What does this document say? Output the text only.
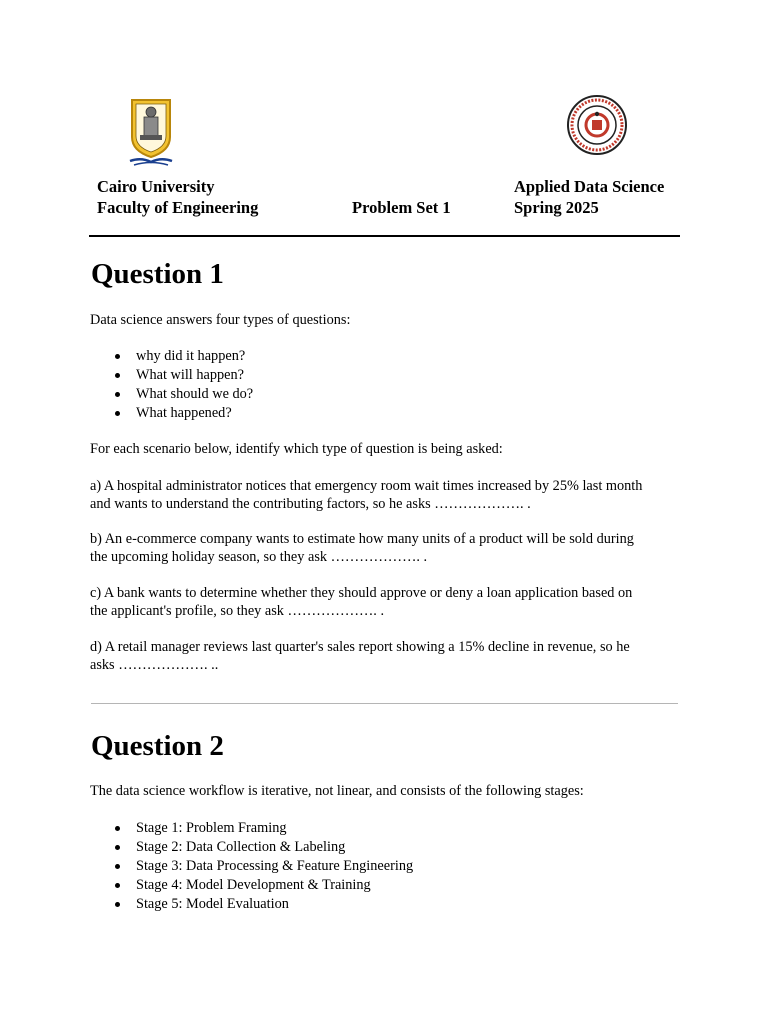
Cairo University
Faculty of Engineering	Problem Set 1
Applied Data Science
Spring 2025
Question 1

Data science answers four types of questions:

why did it happen?
What will happen?
What should we do?
What happened?

For each scenario below, identify which type of question is being asked:

a) A hospital administrator notices that emergency room wait times increased by 25% last month
and wants to understand the contributing factors, so he asks ………………. .

b) An e-commerce company wants to estimate how many units of a product will be sold during
the upcoming holiday season, so they ask ………………. .

c) A bank wants to determine whether they should approve or deny a loan application based on
the applicant's profile, so they ask ………………. .

d) A retail manager reviews last quarter's sales report showing a 15% decline in revenue, so he
asks ………………. ..

Question 2

The data science workflow is iterative, not linear, and consists of the following stages:

Stage 1: Problem Framing
Stage 2: Data Collection & Labeling
Stage 3: Data Processing & Feature Engineering
Stage 4: Model Development & Training
Stage 5: Model Evaluation
